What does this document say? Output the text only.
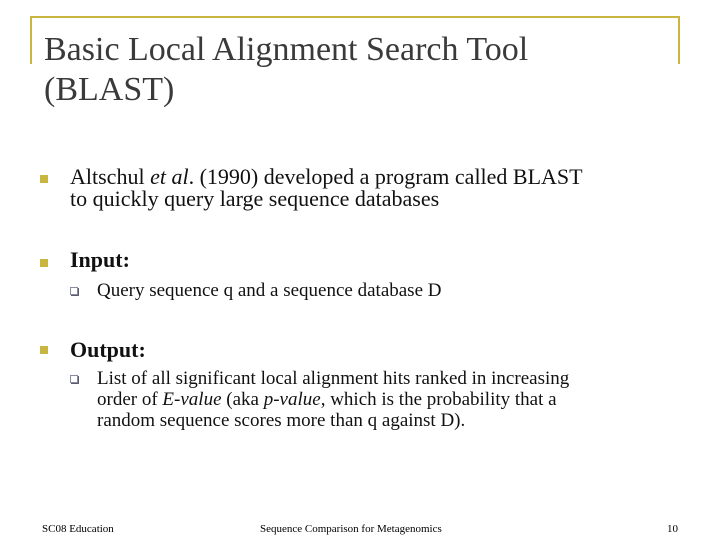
Basic Local Alignment Search Tool
(BLAST)
Altschul et al. (1990) developed a program called BLAST
to quickly query large sequence databases
Input:
Query sequence q and a sequence database D
Output:
List of all significant local alignment hits ranked in increasing
order of E-value (aka p-value, which is the probability that a
random sequence scores more than q against D).
SC08 Education	Sequence Comparison for Metagenomics	10
